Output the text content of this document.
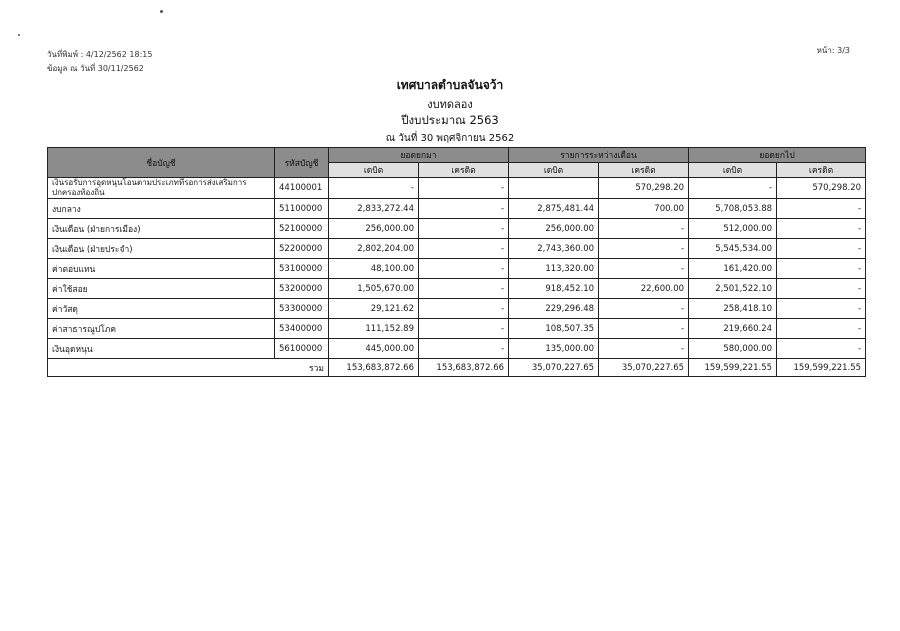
วันที่พิมพ์ : 4/12/2562 18:15
ข้อมูล ณ วันที่ 30/11/2562
หน้า: 3/3
เทศบาลตำบลจันจว้า
งบทดลอง
ปีงบประมาณ 2563
ณ วันที่ 30 พฤศจิกายน 2562
ชื่อบัญชี	รหัสบัญชี	ยอดยกมา		รายการระหว่างเดือน		ยอดยกไป	
		เดบิต	เครดิต	เดบิต	เครดิต	เดบิต	เครดิต
เงินรอรับการอุดหนุนโอนตามประเภทที่รอการส่งเสริมการปกครองท้องถิ่น	44100001	-	-		570,298.20	-	570,298.20
งบกลาง	51100000	2,833,272.44	-	2,875,481.44	700.00	5,708,053.88	-
เงินเดือน (ฝ่ายการเมือง)	52100000	256,000.00	-	256,000.00	-	512,000.00	-
เงินเดือน (ฝ่ายประจำ)	52200000	2,802,204.00	-	2,743,360.00	-	5,545,534.00	-
ค่าตอบแทน	53100000	48,100.00	-	113,320.00	-	161,420.00	-
ค่าใช้สอย	53200000	1,505,670.00	-	918,452.10	22,600.00	2,501,522.10	-
ค่าวัสดุ	53300000	29,121.62	-	229,296.48	-	258,418.10	-
ค่าสาธารณูปโภค	53400000	111,152.89	-	108,507.35	-	219,660.24	-
เงินอุดหนุน	56100000	445,000.00	-	135,000.00	-	580,000.00	-
รวม		153,683,872.66	153,683,872.66	35,070,227.65	35,070,227.65	159,599,221.55	159,599,221.55
